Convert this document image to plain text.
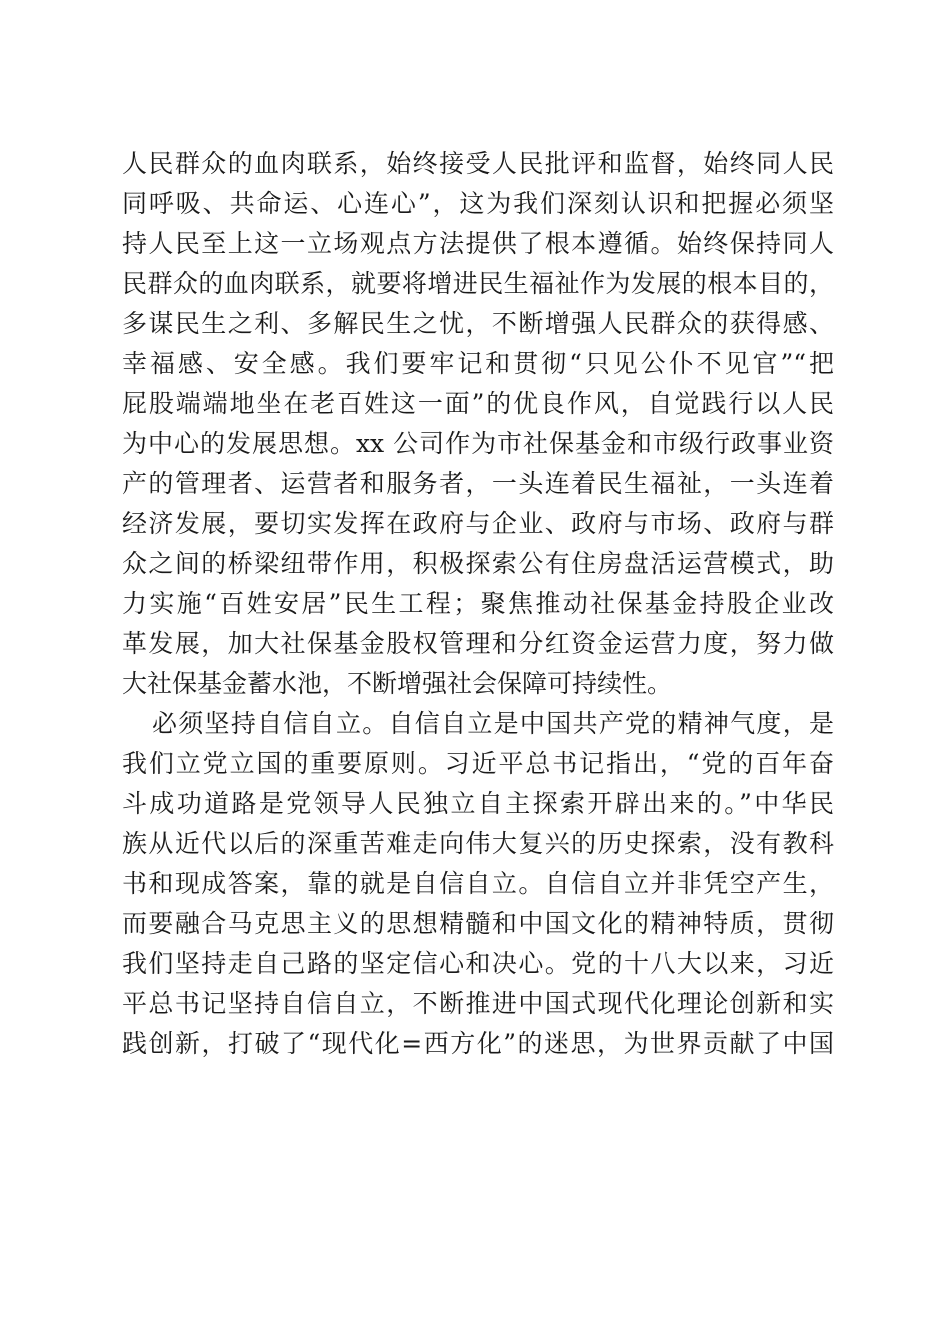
人民群众的血肉联系，始终接受人民批评和监督，始终同人民
同呼吸、共命运、心连心”，这为我们深刻认识和把握必须坚
持人民至上这一立场观点方法提供了根本遵循。始终保持同人
民群众的血肉联系，就要将增进民生福祉作为发展的根本目的，
多谋民生之利、多解民生之忧，不断增强人民群众的获得感、
幸福感、安全感。我们要牢记和贯彻“只见公仆不见官”“把
屁股端端地坐在老百姓这一面”的优良作风，自觉践行以人民
为中心的发展思想。xx 公司作为市社保基金和市级行政事业资
产的管理者、运营者和服务者，一头连着民生福祉，一头连着
经济发展，要切实发挥在政府与企业、政府与市场、政府与群
众之间的桥梁纽带作用，积极探索公有住房盘活运营模式，助
力实施“百姓安居”民生工程；聚焦推动社保基金持股企业改
革发展，加大社保基金股权管理和分红资金运营力度，努力做
大社保基金蓄水池，不断增强社会保障可持续性。
必须坚持自信自立。自信自立是中国共产党的精神气度，是
我们立党立国的重要原则。习近平总书记指出，“党的百年奋
斗成功道路是党领导人民独立自主探索开辟出来的。”中华民
族从近代以后的深重苦难走向伟大复兴的历史探索，没有教科
书和现成答案，靠的就是自信自立。自信自立并非凭空产生，
而要融合马克思主义的思想精髓和中国文化的精神特质，贯彻
我们坚持走自己路的坚定信心和决心。党的十八大以来，习近
平总书记坚持自信自立，不断推进中国式现代化理论创新和实
践创新，打破了“现代化=西方化”的迷思，为世界贡献了中国
